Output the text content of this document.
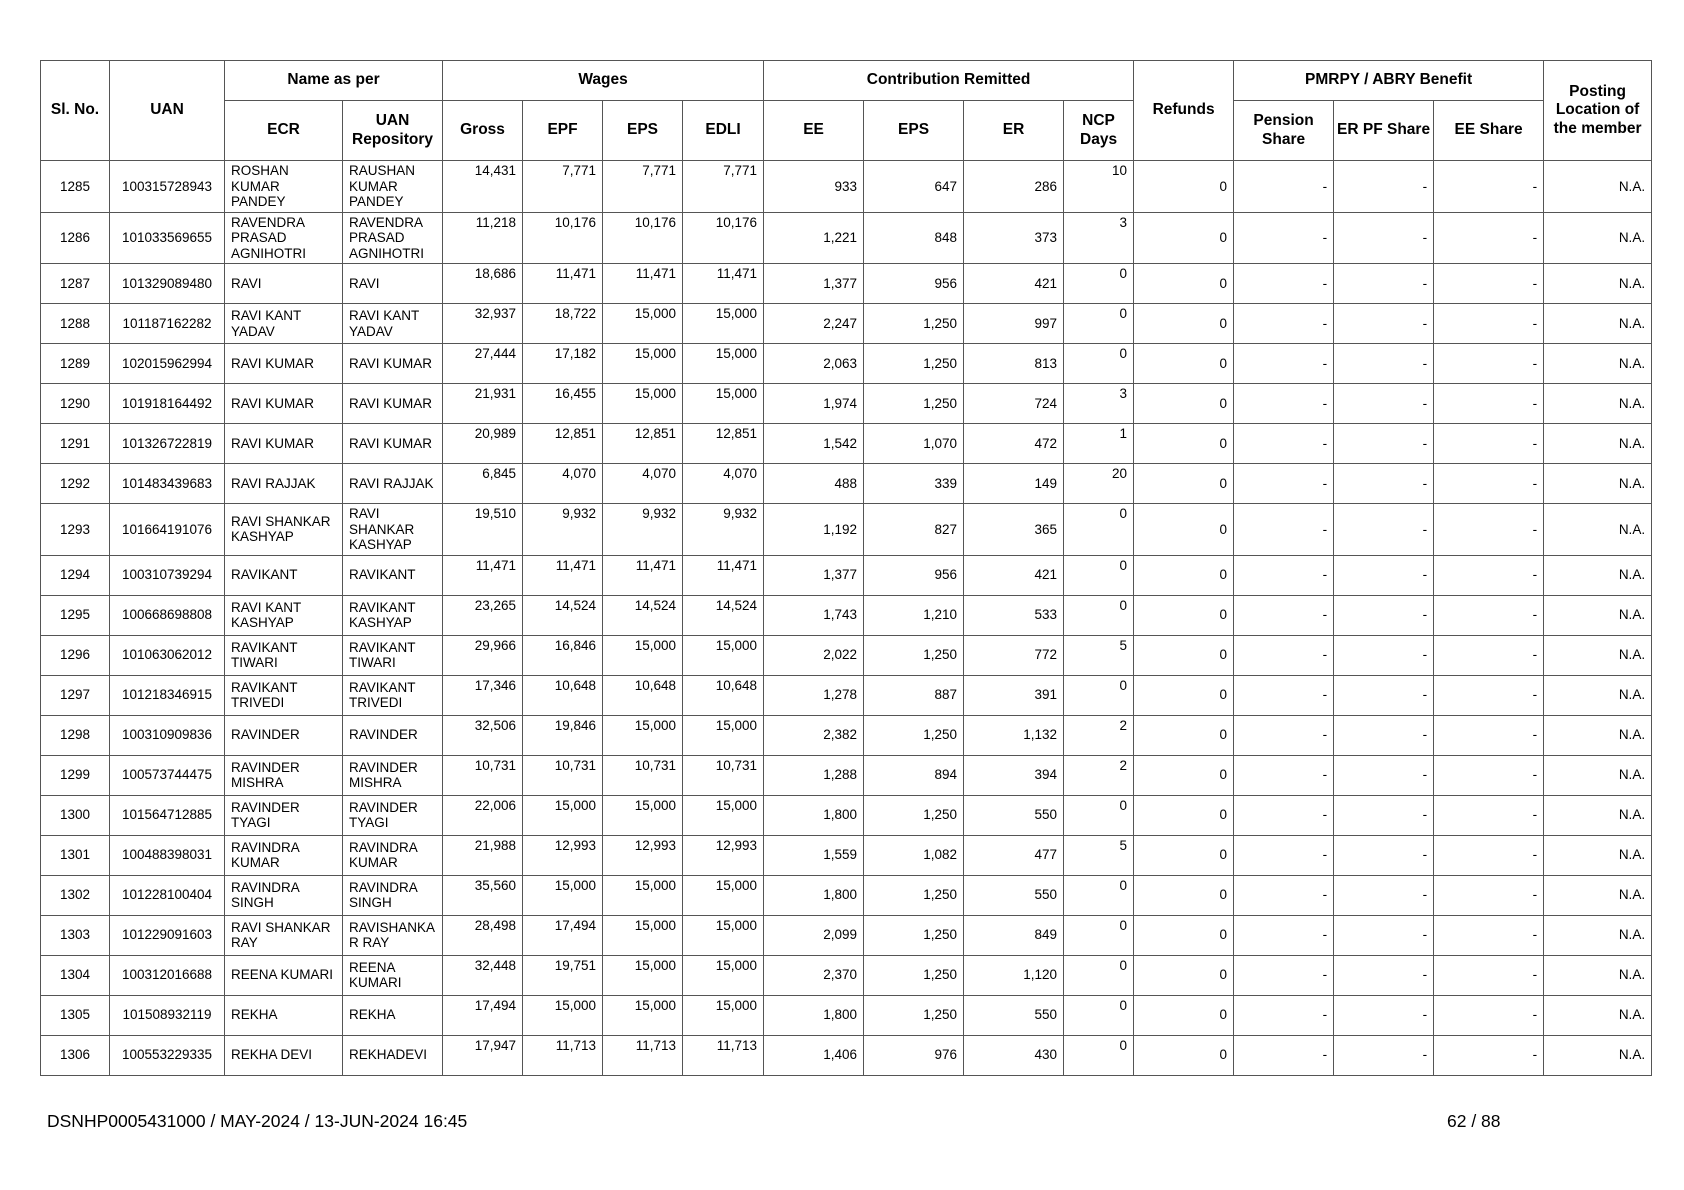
Sl. No.	UAN	Name as per		Wages				Contribution Remitted				Refunds	PMRPY / ABRY Benefit			Posting Location of the member
		ECR	UAN Repository	Gross	EPF	EPS	EDLI	EE	EPS	ER	NCP Days		Pension Share	ER PF Share	EE Share	
1285	100315728943	ROSHAN KUMAR PANDEY	RAUSHAN KUMAR PANDEY	14,431	7,771	7,771	7,771	933	647	286	10	0	-	-	-	N.A.
1286	101033569655	RAVENDRA PRASAD AGNIHOTRI	RAVENDRA PRASAD AGNIHOTRI	11,218	10,176	10,176	10,176	1,221	848	373	3	0	-	-	-	N.A.
1287	101329089480	RAVI	RAVI	18,686	11,471	11,471	11,471	1,377	956	421	0	0	-	-	-	N.A.
1288	101187162282	RAVI KANT YADAV	RAVI KANT YADAV	32,937	18,722	15,000	15,000	2,247	1,250	997	0	0	-	-	-	N.A.
1289	102015962994	RAVI KUMAR	RAVI KUMAR	27,444	17,182	15,000	15,000	2,063	1,250	813	0	0	-	-	-	N.A.
1290	101918164492	RAVI KUMAR	RAVI KUMAR	21,931	16,455	15,000	15,000	1,974	1,250	724	3	0	-	-	-	N.A.
1291	101326722819	RAVI KUMAR	RAVI KUMAR	20,989	12,851	12,851	12,851	1,542	1,070	472	1	0	-	-	-	N.A.
1292	101483439683	RAVI RAJJAK	RAVI RAJJAK	6,845	4,070	4,070	4,070	488	339	149	20	0	-	-	-	N.A.
1293	101664191076	RAVI SHANKAR KASHYAP	RAVI SHANKAR KASHYAP	19,510	9,932	9,932	9,932	1,192	827	365	0	0	-	-	-	N.A.
1294	100310739294	RAVIKANT	RAVIKANT	11,471	11,471	11,471	11,471	1,377	956	421	0	0	-	-	-	N.A.
1295	100668698808	RAVI KANT KASHYAP	RAVIKANT KASHYAP	23,265	14,524	14,524	14,524	1,743	1,210	533	0	0	-	-	-	N.A.
1296	101063062012	RAVIKANT TIWARI	RAVIKANT TIWARI	29,966	16,846	15,000	15,000	2,022	1,250	772	5	0	-	-	-	N.A.
1297	101218346915	RAVIKANT TRIVEDI	RAVIKANT TRIVEDI	17,346	10,648	10,648	10,648	1,278	887	391	0	0	-	-	-	N.A.
1298	100310909836	RAVINDER	RAVINDER	32,506	19,846	15,000	15,000	2,382	1,250	1,132	2	0	-	-	-	N.A.
1299	100573744475	RAVINDER MISHRA	RAVINDER MISHRA	10,731	10,731	10,731	10,731	1,288	894	394	2	0	-	-	-	N.A.
1300	101564712885	RAVINDER TYAGI	RAVINDER TYAGI	22,006	15,000	15,000	15,000	1,800	1,250	550	0	0	-	-	-	N.A.
1301	100488398031	RAVINDRA KUMAR	RAVINDRA KUMAR	21,988	12,993	12,993	12,993	1,559	1,082	477	5	0	-	-	-	N.A.
1302	101228100404	RAVINDRA SINGH	RAVINDRA SINGH	35,560	15,000	15,000	15,000	1,800	1,250	550	0	0	-	-	-	N.A.
1303	101229091603	RAVI SHANKAR RAY	RAVISHANKA R RAY	28,498	17,494	15,000	15,000	2,099	1,250	849	0	0	-	-	-	N.A.
1304	100312016688	REENA KUMARI	REENA KUMARI	32,448	19,751	15,000	15,000	2,370	1,250	1,120	0	0	-	-	-	N.A.
1305	101508932119	REKHA	REKHA	17,494	15,000	15,000	15,000	1,800	1,250	550	0	0	-	-	-	N.A.
1306	100553229335	REKHA DEVI	REKHADEVI	17,947	11,713	11,713	11,713	1,406	976	430	0	0	-	-	-	N.A.
DSNHP0005431000 / MAY-2024 / 13-JUN-2024 16:45	62 / 88
